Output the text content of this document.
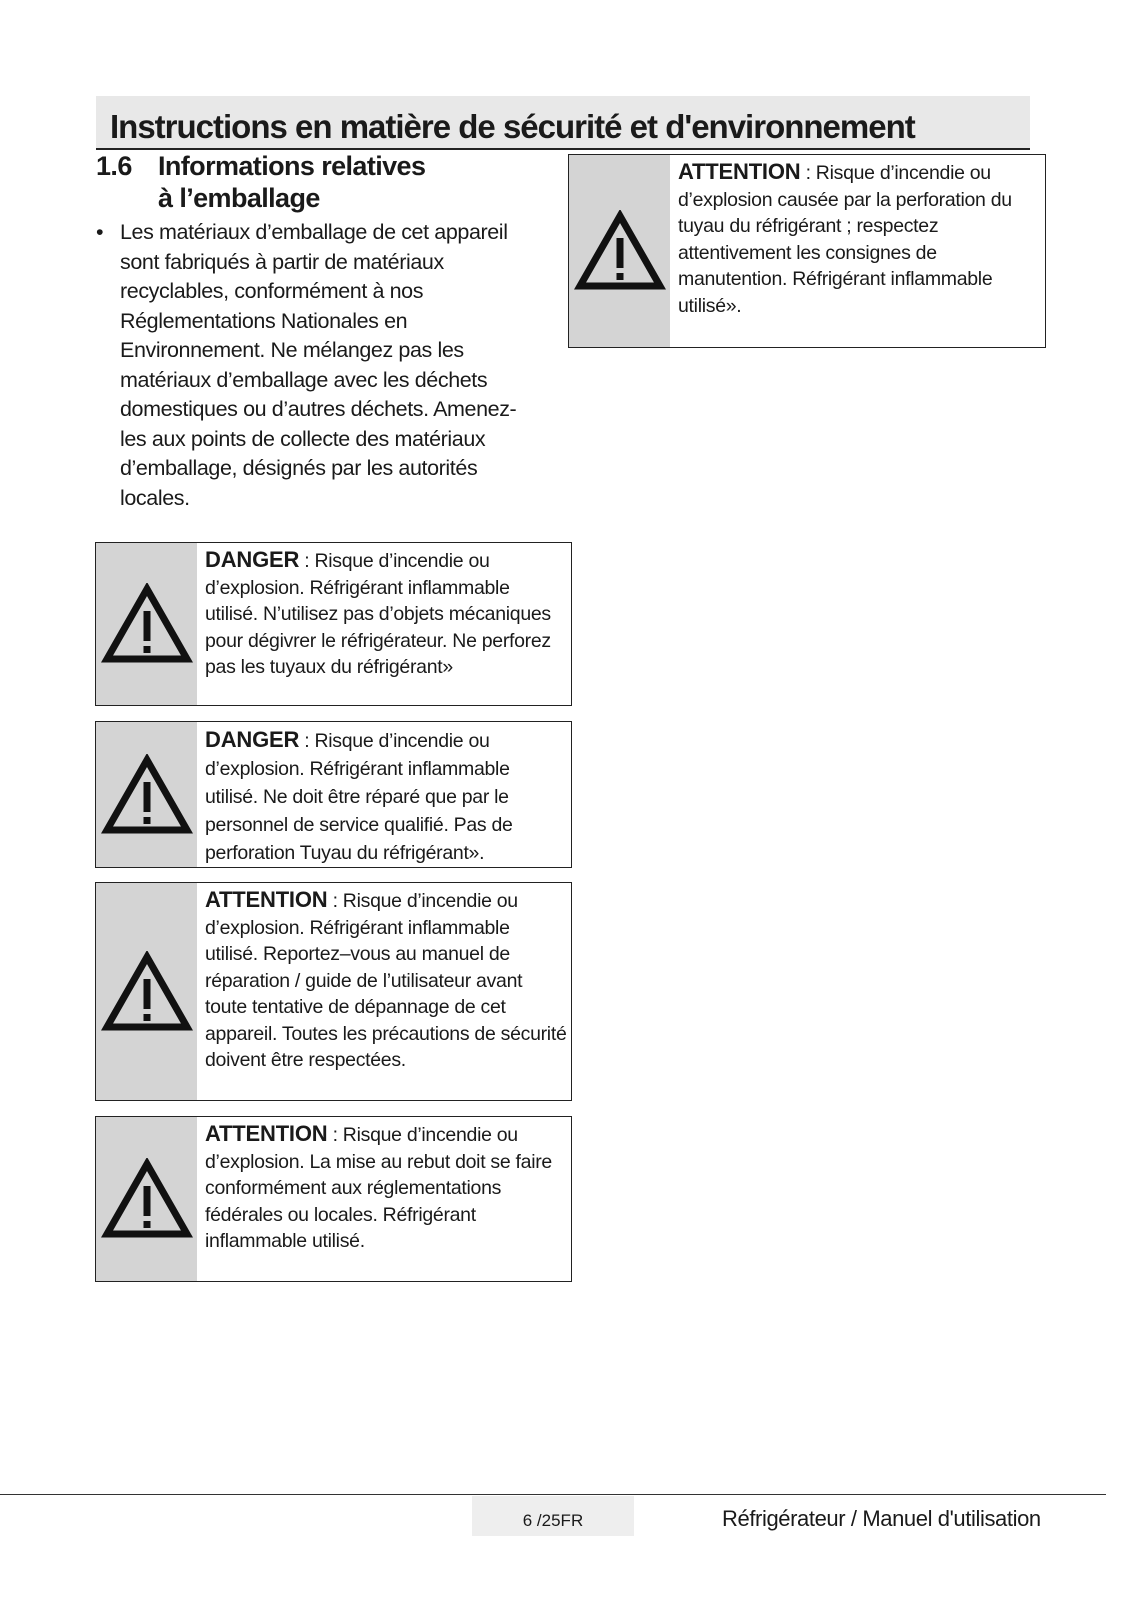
Instructions en matière de sécurité et d'environnement
1.6 Informations relatives
à l’emballage
• Les matériaux d’emballage de cet appareil sont fabriqués à partir de matériaux recyclables, conformément à nos Réglementations Nationales en Environnement. Ne mélangez pas les matériaux d’emballage avec les déchets domestiques ou d’autres déchets. Amenez-les aux points de collecte des matériaux d’emballage, désignés par les autorités locales.
ATTENTION : Risque d’incendie ou d’explosion causée par la perforation du tuyau du réfrigérant ; respectez attentivement les consignes de manutention. Réfrigérant inflammable utilisé».
DANGER : Risque d’incendie ou d’explosion. Réfrigérant inflammable utilisé. N’utilisez pas d’objets mécaniques pour dégivrer le réfrigérateur. Ne perforez pas les tuyaux du réfrigérant»
DANGER : Risque d’incendie ou d’explosion. Réfrigérant inflammable utilisé. Ne doit être réparé que par le personnel de service qualifié. Pas de perforation Tuyau du réfrigérant».
ATTENTION : Risque d’incendie ou d’explosion. Réfrigérant inflammable utilisé. Reportez–vous au manuel de réparation / guide de l’utilisateur avant toute tentative de dépannage de cet appareil. Toutes les précautions de sécurité doivent être respectées.
ATTENTION : Risque d’incendie ou d’explosion. La mise au rebut doit se faire conformément aux réglementations fédérales ou locales. Réfrigérant inflammable utilisé.
6 /25FR	Réfrigérateur / Manuel d'utilisation
